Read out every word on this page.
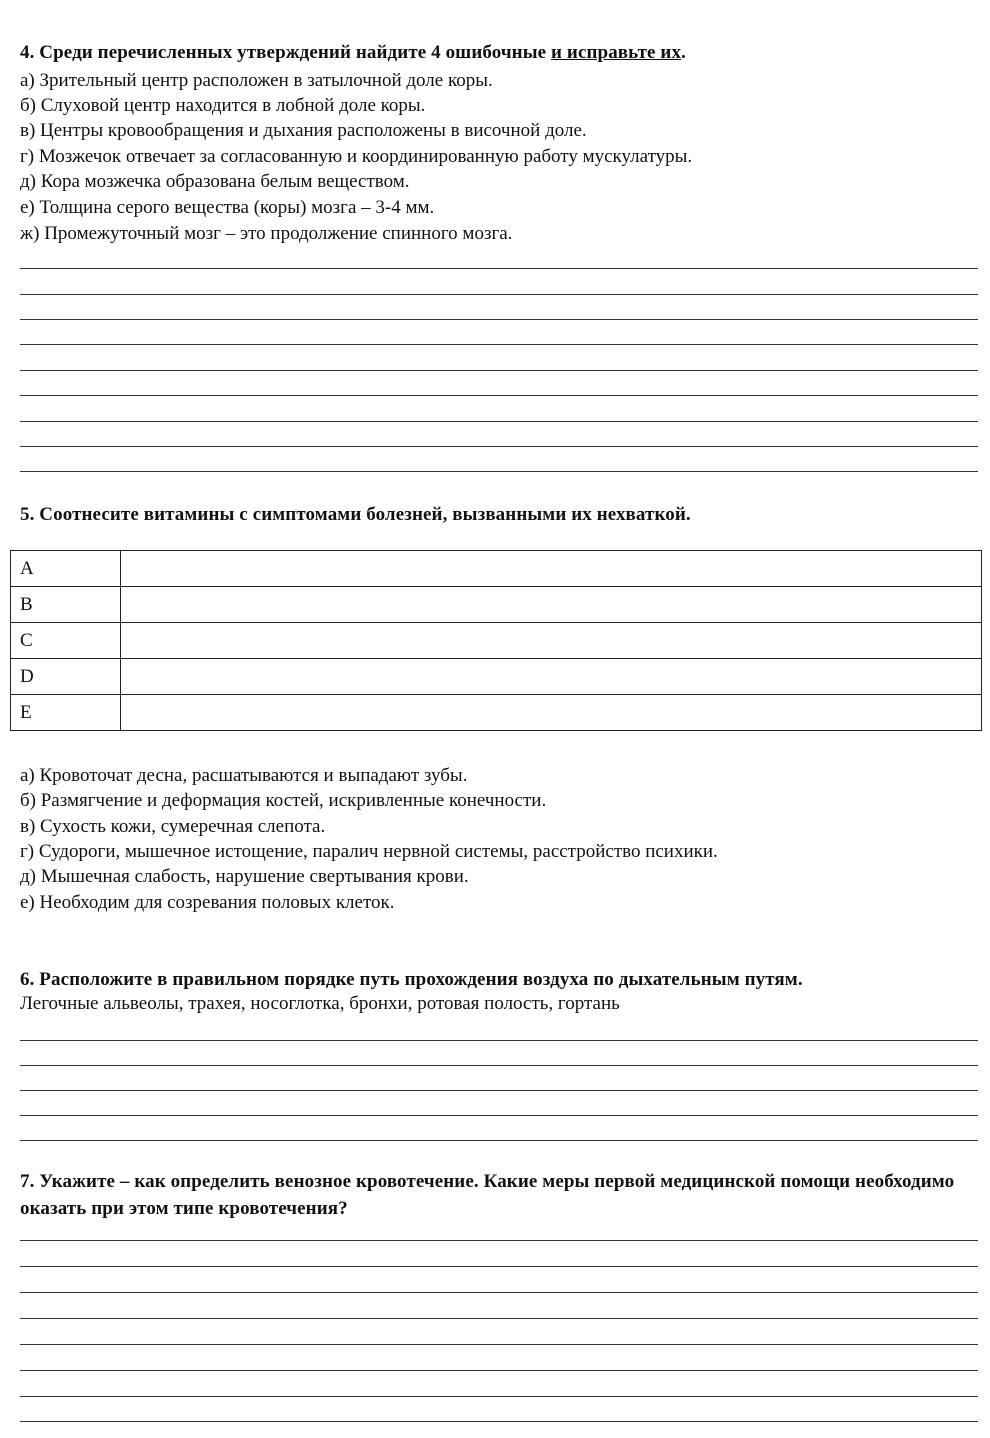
4. Среди перечисленных утверждений найдите 4 ошибочные и исправьте их.
а) Зрительный центр расположен в затылочной доле коры.
б) Слуховой центр находится в лобной доле коры.
в) Центры кровообращения и дыхания расположены в височной доле.
г) Мозжечок отвечает за согласованную и координированную работу мускулатуры.
д) Кора мозжечка образована белым веществом.
е) Толщина серого вещества (коры) мозга – 3-4 мм.
ж) Промежуточный мозг – это продолжение спинного мозга.
5. Соотнесите витамины с симптомами болезней, вызванными их нехваткой.
A	
B	
C	
D	
E	
а) Кровоточат десна, расшатываются и выпадают зубы.
б) Размягчение и деформация костей, искривленные конечности.
в) Сухость кожи, сумеречная слепота.
г) Судороги, мышечное истощение, паралич нервной системы, расстройство психики.
д) Мышечная слабость, нарушение свертывания крови.
е) Необходим для созревания половых клеток.
6. Расположите в правильном порядке путь прохождения воздуха по дыхательным путям.
Легочные альвеолы, трахея, носоглотка, бронхи, ротовая полость, гортань
7. Укажите – как определить венозное кровотечение. Какие меры первой медицинской помощи необходимо оказать при этом типе кровотечения?
